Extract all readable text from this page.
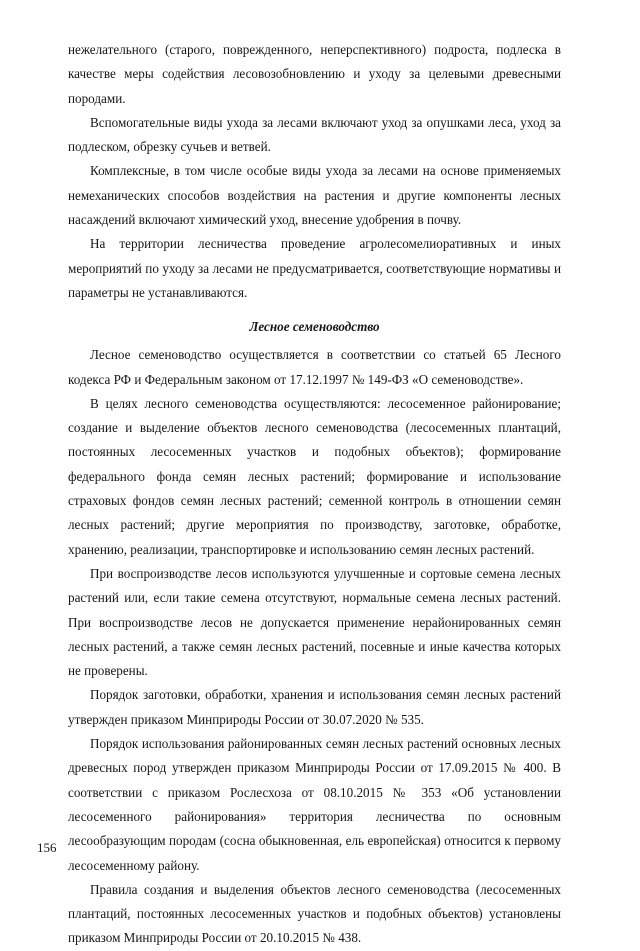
нежелательного (старого, поврежденного, неперспективного) подроста, подлеска в качестве меры содействия лесовозобновлению и уходу за целевыми древесными породами.

Вспомогательные виды ухода за лесами включают уход за опушками леса, уход за подлеском, обрезку сучьев и ветвей.

Комплексные, в том числе особые виды ухода за лесами на основе применяемых немеханических способов воздействия на растения и другие компоненты лесных насаждений включают химический уход, внесение удобрения в почву.

На территории лесничества проведение агролесомелиоративных и иных мероприятий по уходу за лесами не предусматривается, соответствующие нормативы и параметры не устанавливаются.

Лесное семеноводство

Лесное семеноводство осуществляется в соответствии со статьей 65 Лесного кодекса РФ и Федеральным законом от 17.12.1997 № 149-ФЗ «О семеноводстве».

В целях лесного семеноводства осуществляются: лесосеменное районирование; создание и выделение объектов лесного семеноводства (лесосеменных плантаций, постоянных лесосеменных участков и подобных объектов); формирование федерального фонда семян лесных растений; формирование и использование страховых фондов семян лесных растений; семенной контроль в отношении семян лесных растений; другие мероприятия по производству, заготовке, обработке, хранению, реализации, транспортировке и использованию семян лесных растений.

При воспроизводстве лесов используются улучшенные и сортовые семена лесных растений или, если такие семена отсутствуют, нормальные семена лесных растений. При воспроизводстве лесов не допускается применение нерайонированных семян лесных растений, а также семян лесных растений, посевные и иные качества которых не проверены.

Порядок заготовки, обработки, хранения и использования семян лесных растений утвержден приказом Минприроды России от 30.07.2020 № 535.

Порядок использования районированных семян лесных растений основных лесных древесных пород утвержден приказом Минприроды России от 17.09.2015 № 400. В соответствии с приказом Рослесхоза от 08.10.2015 № 353 «Об установлении лесосеменного районирования» территория лесничества по основным лесообразующим породам (сосна обыкновенная, ель европейская) относится к первому лесосеменному району.

Правила создания и выделения объектов лесного семеноводства (лесосеменных плантаций, постоянных лесосеменных участков и подобных объектов) установлены приказом Минприроды России от 20.10.2015 № 438.

156
